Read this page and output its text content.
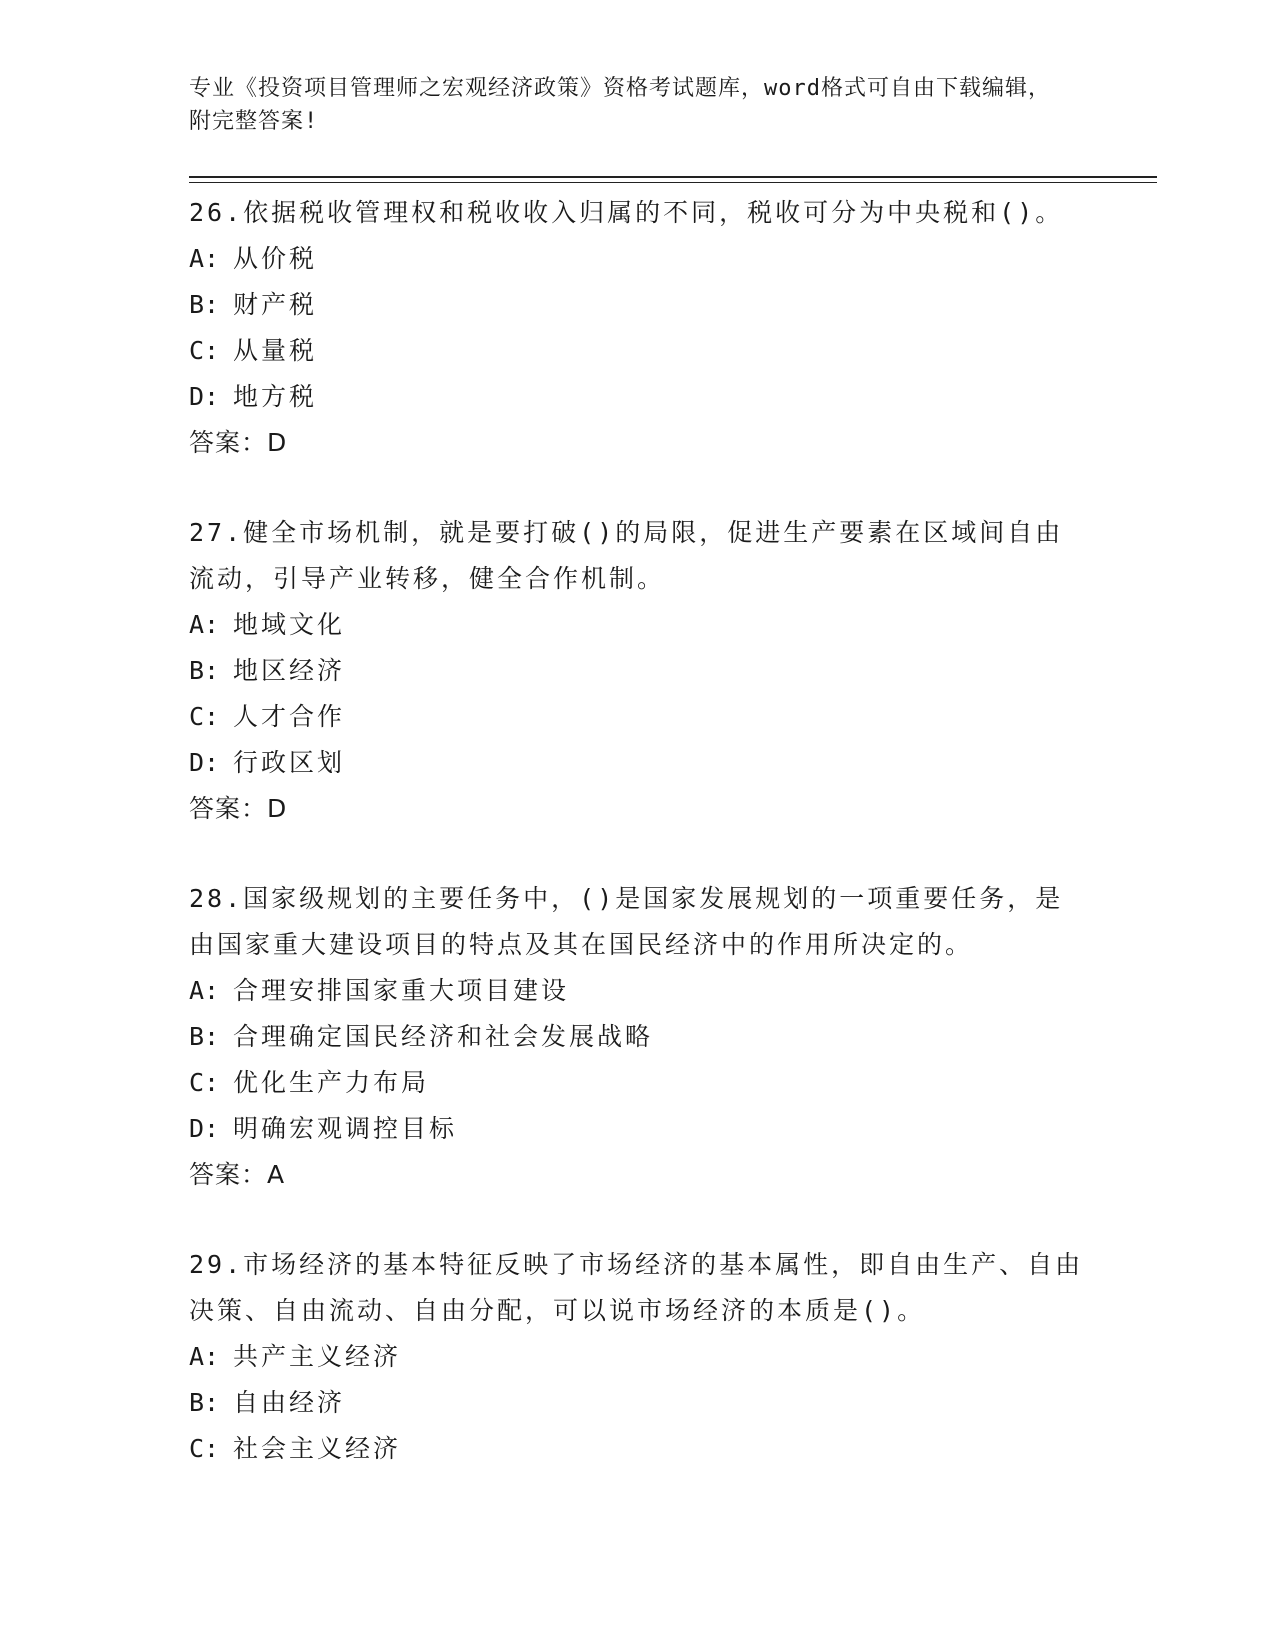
专业《投资项目管理师之宏观经济政策》资格考试题库，word格式可自由下载编辑，附完整答案!
26.依据税收管理权和税收收入归属的不同，税收可分为中央税和()。
A: 从价税
B: 财产税
C: 从量税
D: 地方税
答案：D
27.健全市场机制，就是要打破()的局限，促进生产要素在区域间自由流动，引导产业转移，健全合作机制。
A: 地域文化
B: 地区经济
C: 人才合作
D: 行政区划
答案：D
28.国家级规划的主要任务中，()是国家发展规划的一项重要任务，是由国家重大建设项目的特点及其在国民经济中的作用所决定的。
A: 合理安排国家重大项目建设
B: 合理确定国民经济和社会发展战略
C: 优化生产力布局
D: 明确宏观调控目标
答案：A
29.市场经济的基本特征反映了市场经济的基本属性，即自由生产、自由决策、自由流动、自由分配，可以说市场经济的本质是()。
A: 共产主义经济
B: 自由经济
C: 社会主义经济
